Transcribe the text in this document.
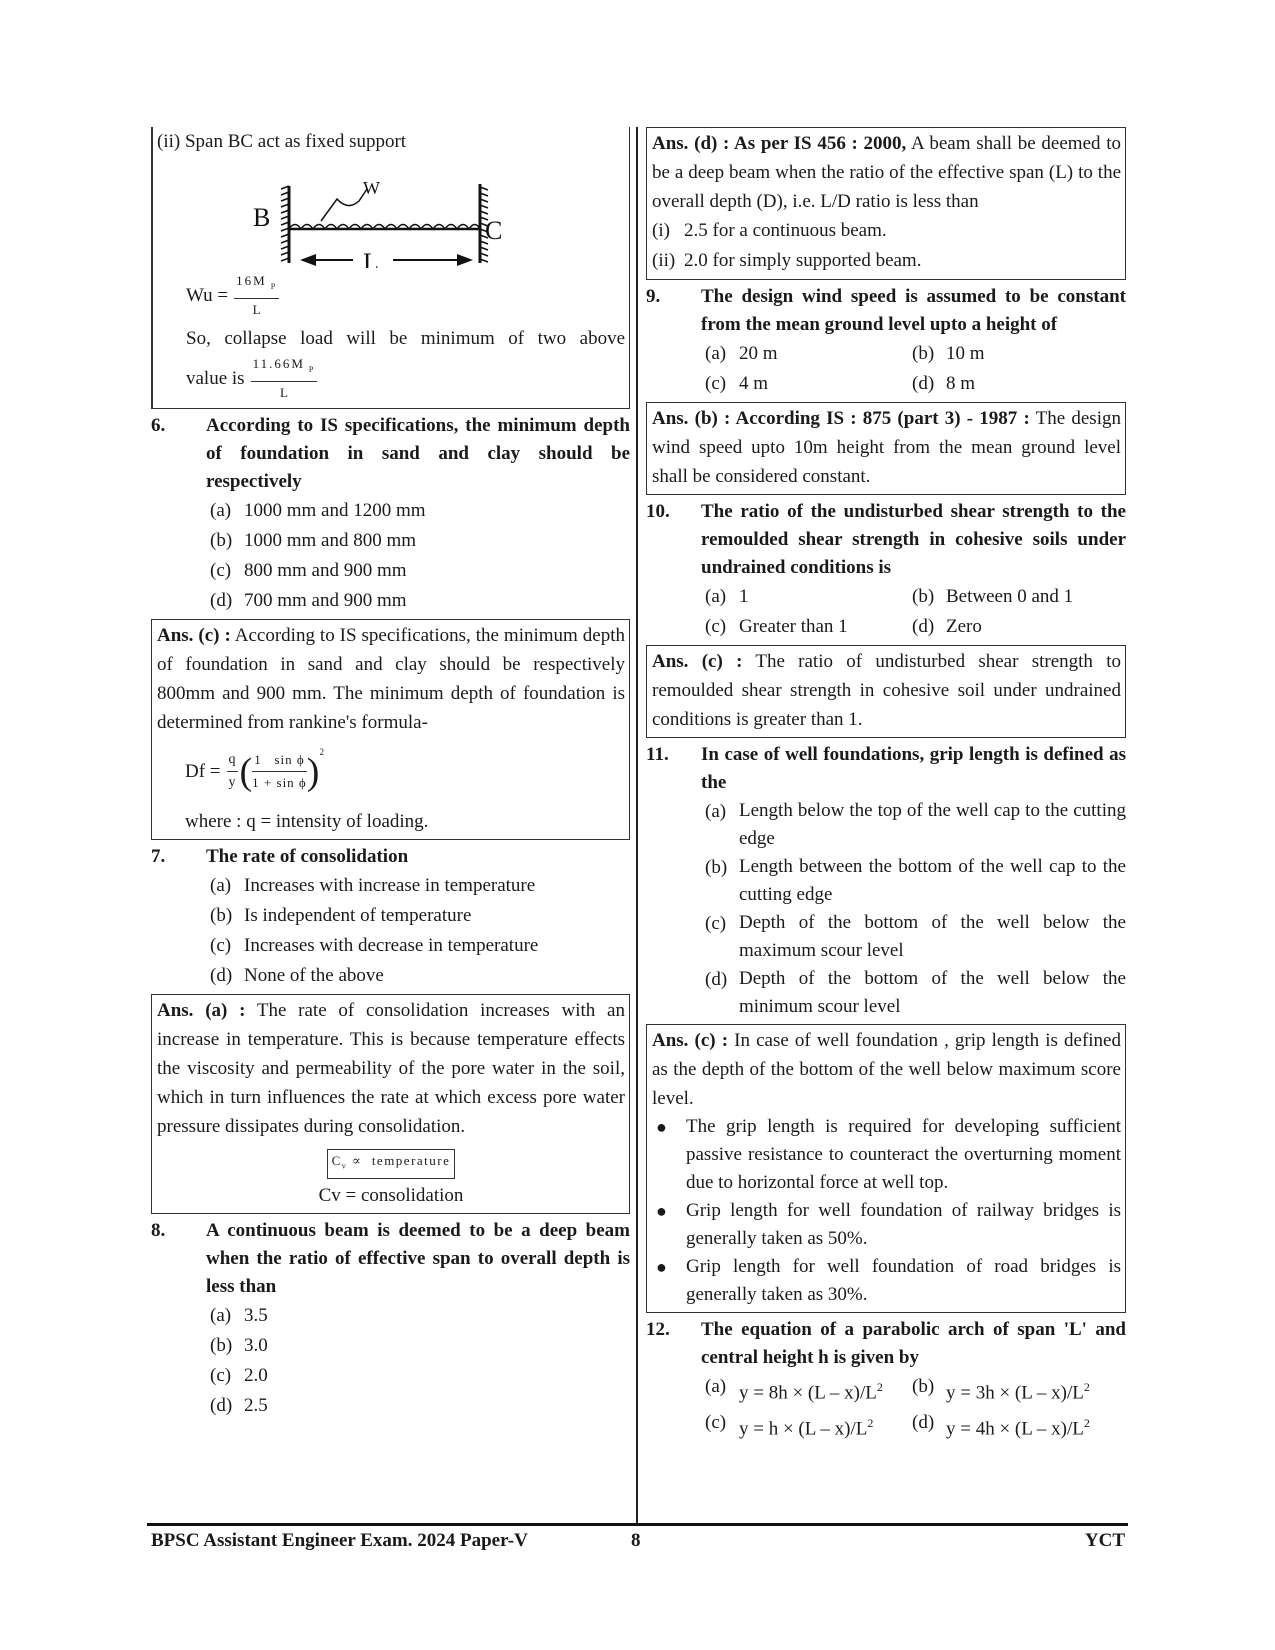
(ii) Span BC act as fixed support
B	C
W
L
$Wu = \frac{16M _P}{L}$
So, collapse load will be minimum of two above
value is $\frac{11.66M _P}{L}$
6.	According to IS specifications, the minimum depth of foundation in sand and clay should be respectively
(a) 1000 mm and 1200 mm
(b) 1000 mm and 800 mm
(c) 800 mm and 900 mm
(d) 700 mm and 900 mm
Ans. (c) : According to IS specifications, the minimum depth of foundation in sand and clay should be respectively 800mm and 900 mm. The minimum depth of foundation is determined from rankine's formula-
$Df = \frac{q}{y}$ ( $\frac{\text{1   sin ϕ}}{\text{1 + sin ϕ}} )^2$
where : q = intensity of loading.
7.	The rate of consolidation
(a) Increases with increase in temperature
(b) Is independent of temperature
(c) Increases with decrease in temperature
(d) None of the above
Ans. (a) : The rate of consolidation increases with an increase in temperature. This is because temperature effects the viscosity and permeability of the pore water in the soil, which in turn influences the rate at which excess pore water pressure dissipates during consolidation.
$C_v$ ∝  temperature
Cv = consolidation
8.	A continuous beam is deemed to be a deep beam when the ratio of effective span to overall depth is less than
(a) 3.5
(b) 3.0
(c) 2.0
(d) 2.5
Ans. (d) : As per IS 456 : 2000, A beam shall be deemed to be a deep beam when the ratio of the effective span (L) to the overall depth (D), i.e. L/D ratio is less than
(i) 2.5 for a continuous beam.
(ii) 2.0 for simply supported beam.
9.	The design wind speed is assumed to be constant from the mean ground level upto a height of
(a) 20 m	(b) 10 m
(c) 4 m	(d) 8 m
Ans. (b) : According IS : 875 (part 3) - 1987 : The design wind speed upto 10m height from the mean ground level shall be considered constant.
10.	The ratio of the undisturbed shear strength to the remoulded shear strength in cohesive soils under undrained conditions is
(a) 1	(b) Between 0 and 1
(c) Greater than 1	(d) Zero
Ans. (c) : The ratio of undisturbed shear strength to remoulded shear strength in cohesive soil under undrained conditions is greater than 1.
11.	In case of well foundations, grip length is defined as the
(a) Length below the top of the well cap to the cutting edge
(b) Length between the bottom of the well cap to the cutting edge
(c) Depth of the bottom of the well below the maximum scour level
(d) Depth of the bottom of the well below the minimum scour level
Ans. (c) : In case of well foundation , grip length is defined as the depth of the bottom of the well below maximum score level.
●	The grip length is required for developing sufficient passive resistance to counteract the overturning moment due to horizontal force at well top.
●	Grip length for well foundation of railway bridges is generally taken as 50%.
●	Grip length for well foundation of road bridges is generally taken as 30%.
12.	The equation of a parabolic arch of span 'L' and central height h is given by
(a) $y = 8h \times (L - x)/L^2$	(b) $y = 3h \times (L - x)/L^2$
(c) $y = h \times (L - x)/L^2$	(d) $y = 4h \times (L - x)/L^2$
BPSC Assistant Engineer Exam. 2024 Paper-V	8	YCT
